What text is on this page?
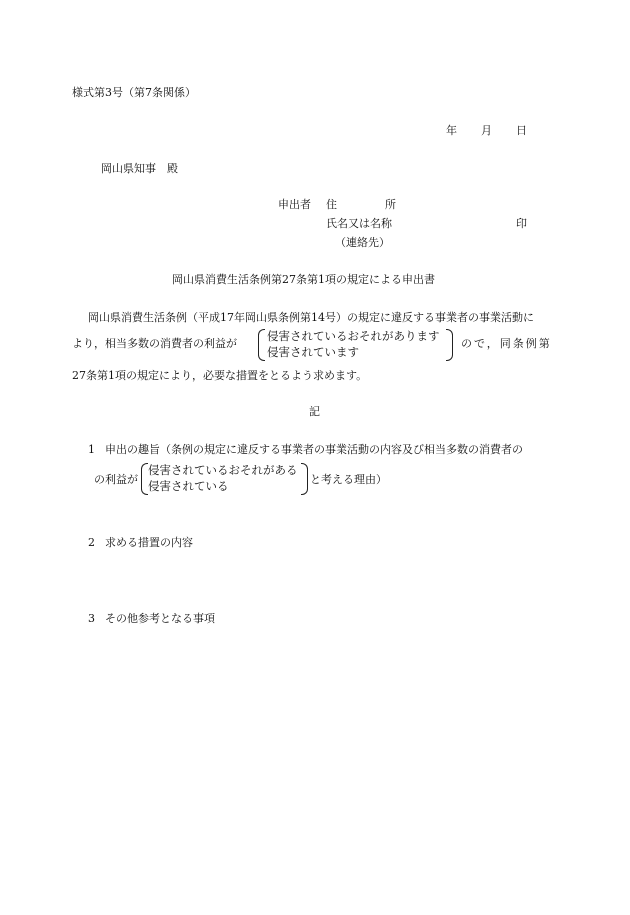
様式第3号（第7条関係）
年 月 日
岡山県知事　殿
申出者 住	所
氏名又は名称	印
（連絡先）
岡山県消費生活条例第27条第1項の規定による申出書
岡山県消費生活条例（平成17年岡山県条例第14号）の規定に違反する事業者の事業活動に
より，相当多数の消費者の利益が
侵害されているおそれがあります
侵害されています
ので，同条例第
27条第1項の規定により，必要な措置をとるよう求めます。
記
1 申出の趣旨（条例の規定に違反する事業者の事業活動の内容及び相当多数の消費者の
の利益が
侵害されているおそれがある
侵害されている	と考える理由）
2 求める措置の内容
3 その他参考となる事項
